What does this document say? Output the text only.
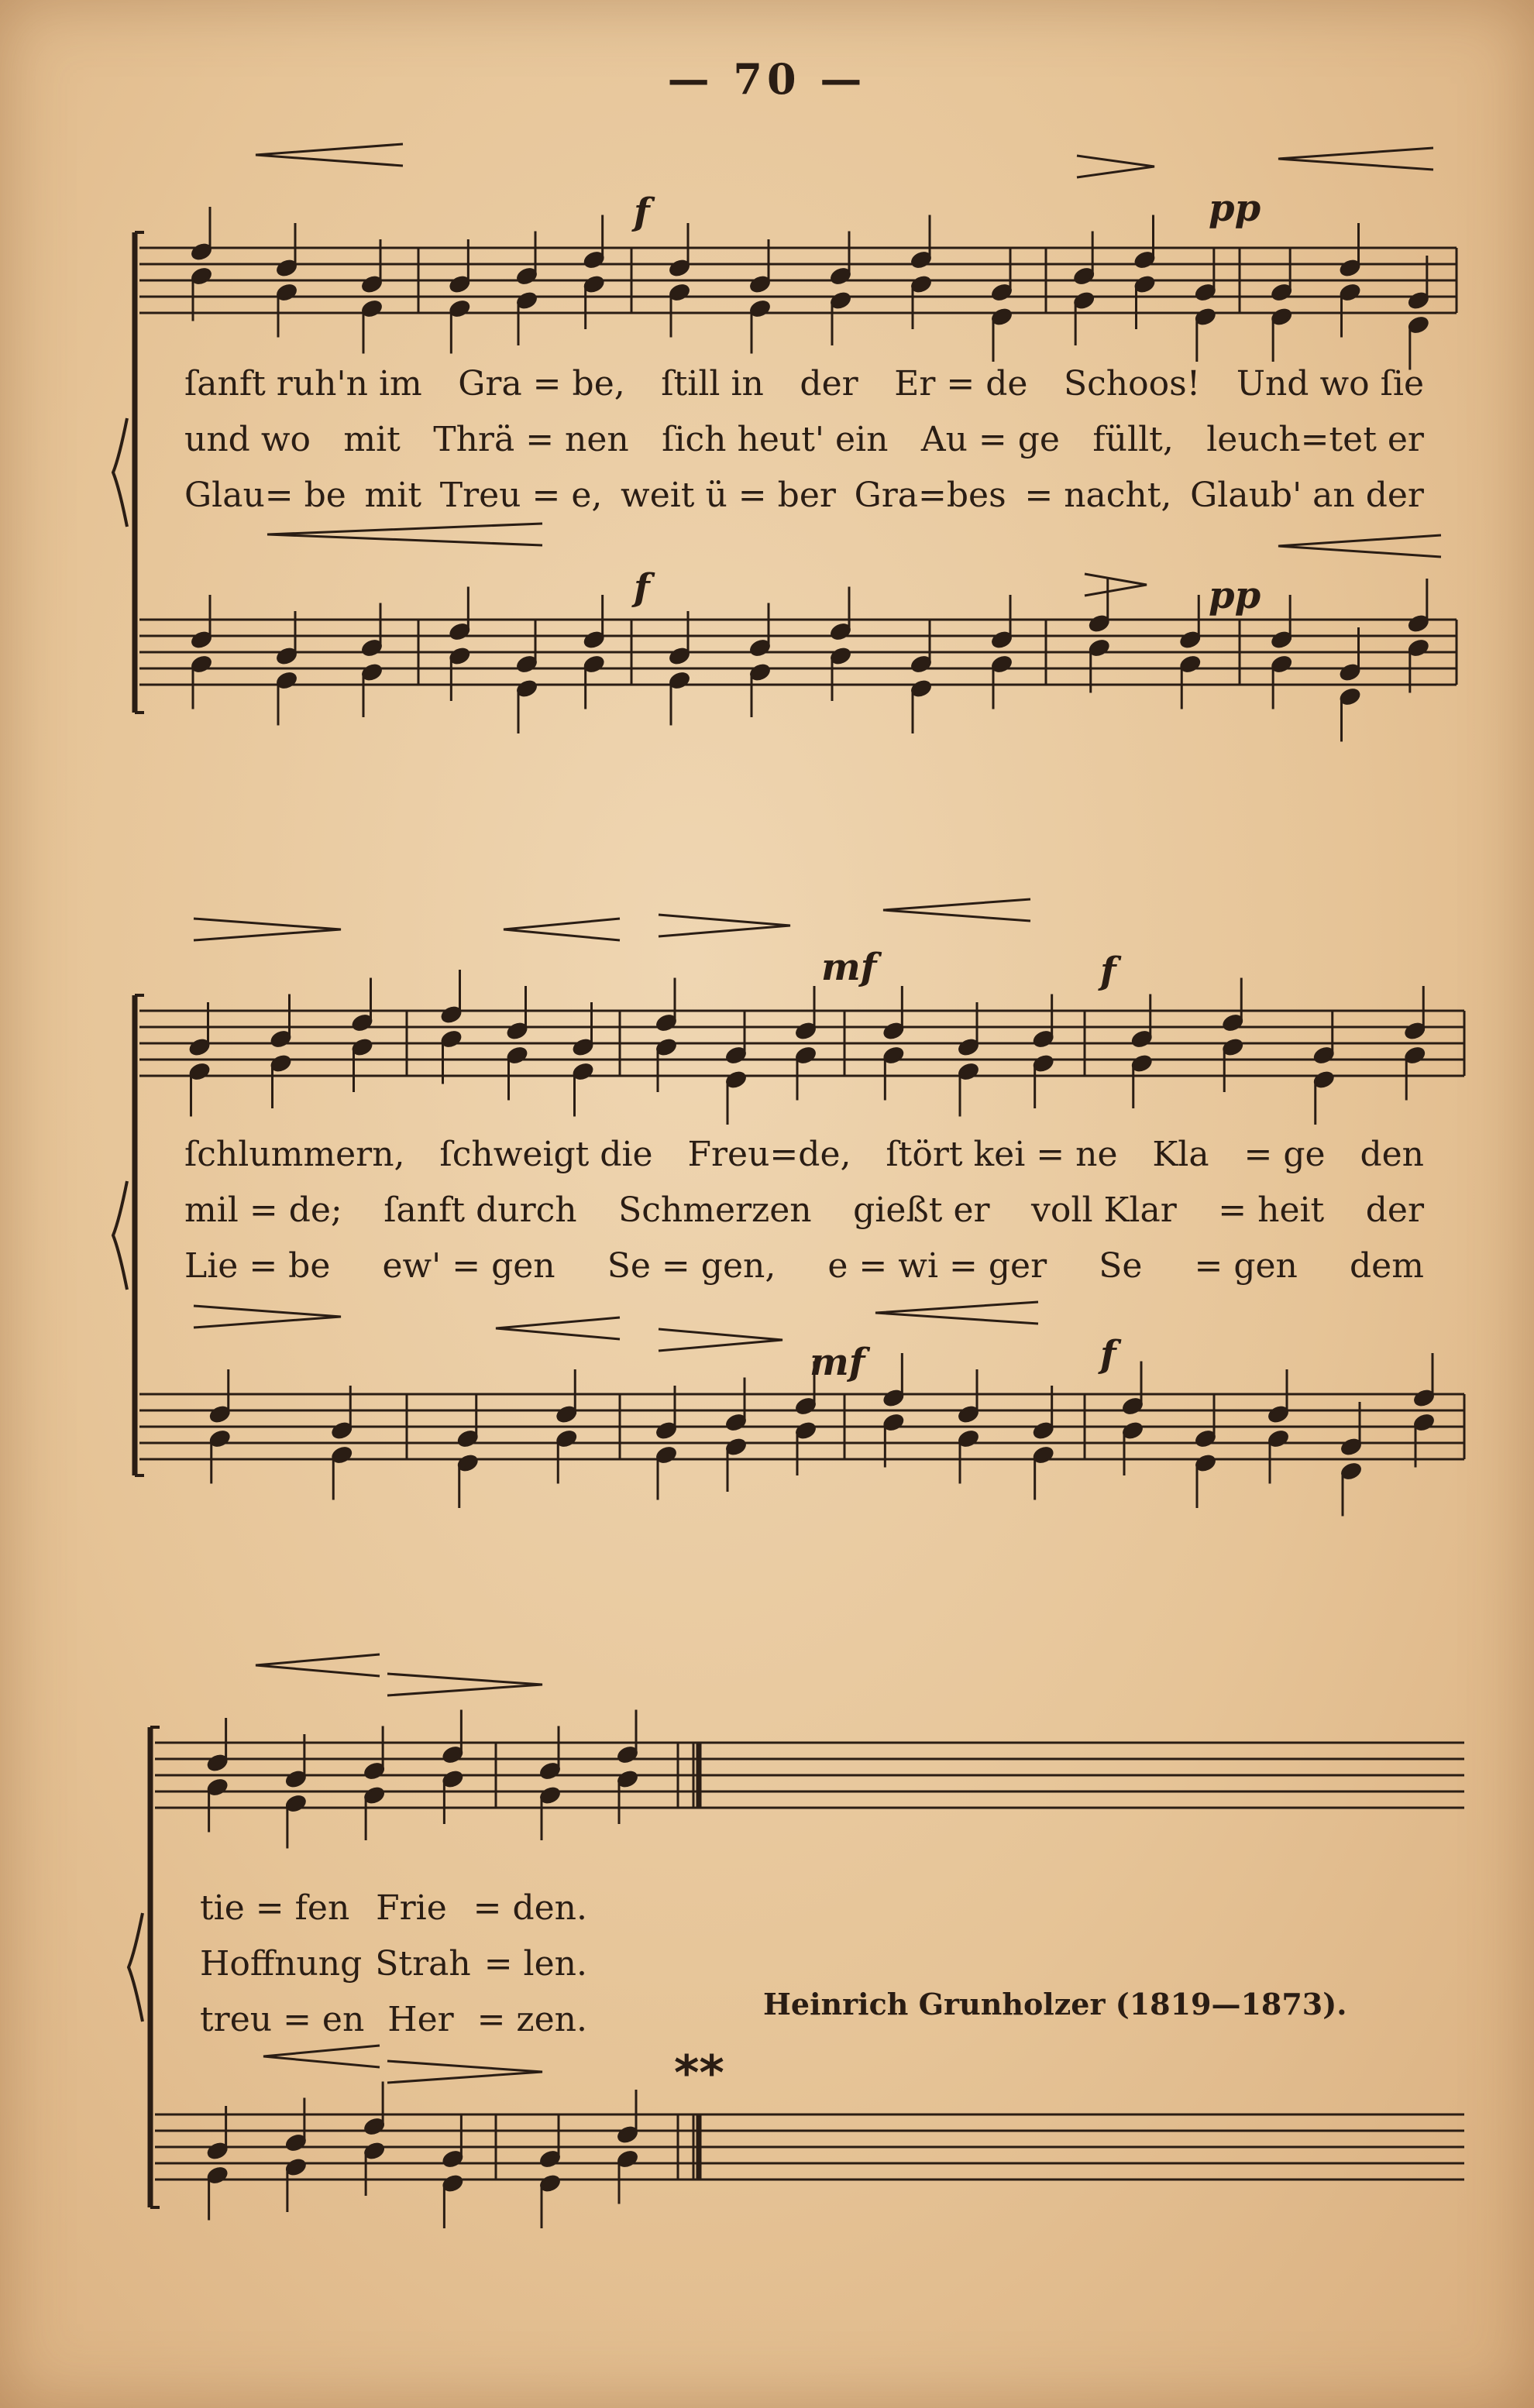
— 70 —
f	pp
f	pp
mf	f
mf	f
ſanft ruh'n im Gra = be, ſtill in der Er = de Schoos! Und wo ſie
und wo mit Thrä = nen ſich heut' ein Au = ge füllt, leuch=tet er
Glau= be mit Treu = e, weit ü = ber Gra=bes = nacht, Glaub' an der
ſchlummern, ſchweigt die Freu=de, ſtört kei = ne Kla = ge den
mil = de; ſanft durch Schmerzen gießt er voll Klar = heit der
Lie = be ew' = gen Se = gen, e = wi = ger Se = gen dem
tie = fen Frie = den.
Hoffnung Strah = len.
treu = en Her = zen.	Heinrich Grunholzer (1819—1873).
**
